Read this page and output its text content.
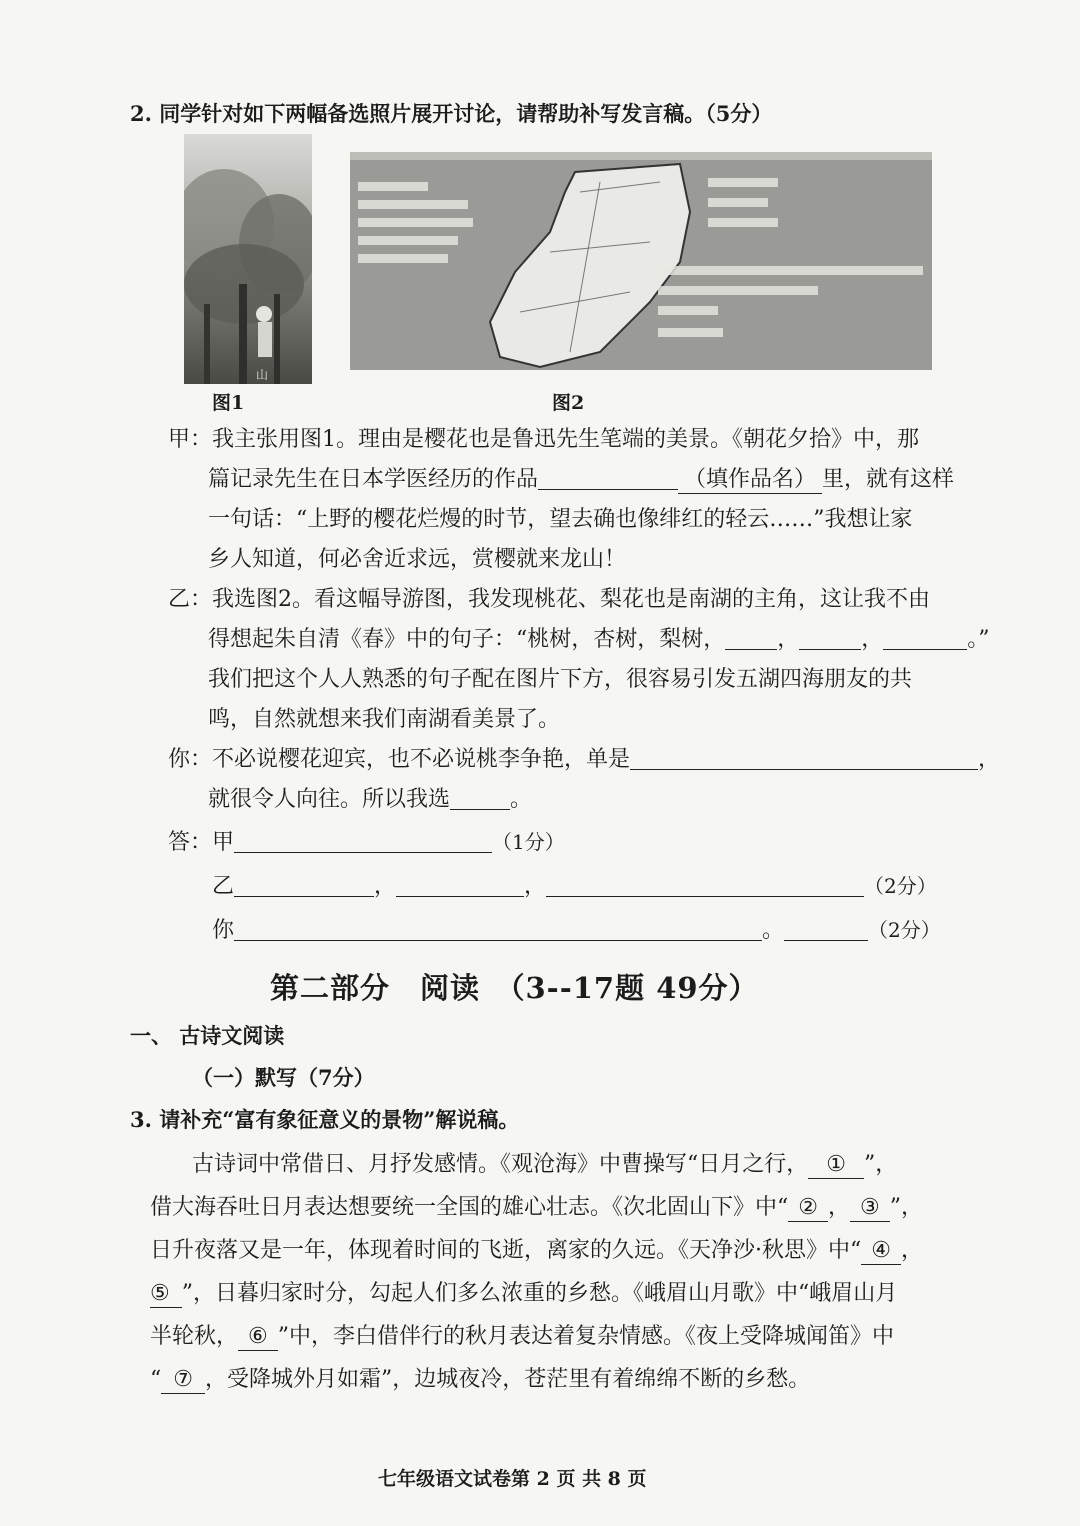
2. 同学针对如下两幅备选照片展开讨论，请帮助补写发言稿。（5分）
山
图1	图2
甲：我主张用图1。理由是樱花也是鲁迅先生笔端的美景。《朝花夕拾》中，那
篇记录先生在日本学医经历的作品	（填作品名） 里，就有这样
一句话：“上野的樱花烂熳的时节，望去确也像绯红的轻云……”我想让家
乡人知道，何必舍近求远，赏樱就来龙山！
乙：我选图2。看这幅导游图，我发现桃花、梨花也是南湖的主角，这让我不由
得想起朱自清《春》中的句子：“桃树，杏树，梨树， ，	，	。”
我们把这个人人熟悉的句子配在图片下方，很容易引发五湖四海朋友的共
鸣，自然就想来我们南湖看美景了。
你：不必说樱花迎宾，也不必说桃李争艳，单是	，
就很令人向往。所以我选	。
答：甲	（1分）
乙	，	，	（2分）
你	。	（2分）
第二部分　阅读　（3--17题 49分）
一、 古诗文阅读
（一）默写（7分）
3. 请补充“富有象征意义的景物”解说稿。
古诗词中常借日、月抒发感情。《观沧海》中曹操写“日月之行， ① ”，
借大海吞吐日月表达想要统一全国的雄心壮志。《次北固山下》中“ ② ， ③ ”，
日升夜落又是一年，体现着时间的飞逝，离家的久远。《天净沙·秋思》中“ ④ ，
⑤ ”，日暮归家时分，勾起人们多么浓重的乡愁。《峨眉山月歌》中“峨眉山月
半轮秋， ⑥ ”中，李白借伴行的秋月表达着复杂情感。《夜上受降城闻笛》中
“ ⑦ ，受降城外月如霜”，边城夜冷，苍茫里有着绵绵不断的乡愁。
七年级语文试卷第 2 页 共 8 页
